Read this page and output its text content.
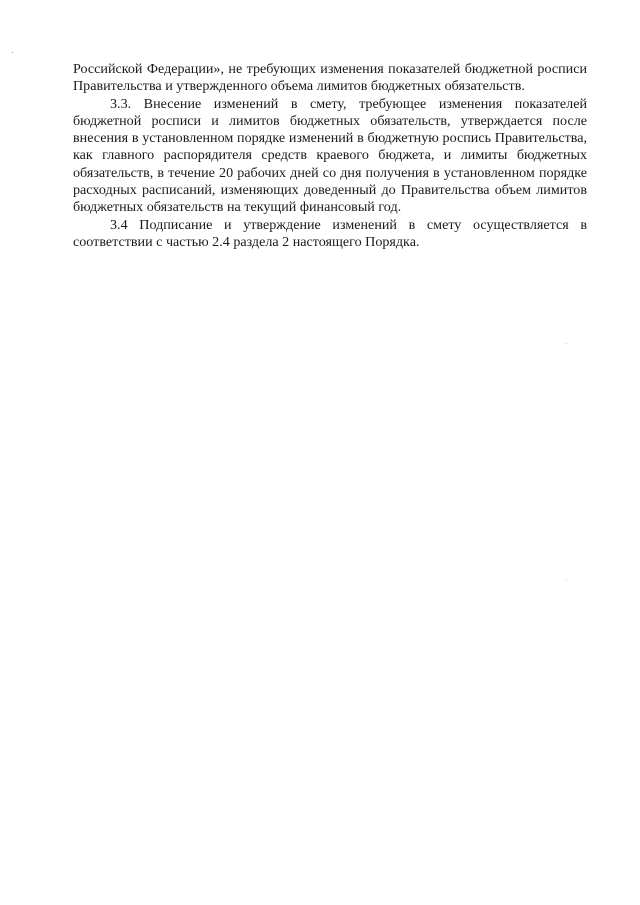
Российской Федерации», не требующих изменения показателей бюджетной росписи Правительства и утвержденного объема лимитов бюджетных обязательств.

3.3. Внесение изменений в смету, требующее изменения показателей бюджетной росписи и лимитов бюджетных обязательств, утверждается после внесения в установленном порядке изменений в бюджетную роспись Правительства, как главного распорядителя средств краевого бюджета, и лимиты бюджетных обязательств, в течение 20 рабочих дней со дня получения в установленном порядке расходных расписаний, изменяющих доведенный до Правительства объем лимитов бюджетных обязательств на текущий финансовый год.

3.4 Подписание и утверждение изменений в смету осуществляется в соответствии с частью 2.4 раздела 2 настоящего Порядка.
